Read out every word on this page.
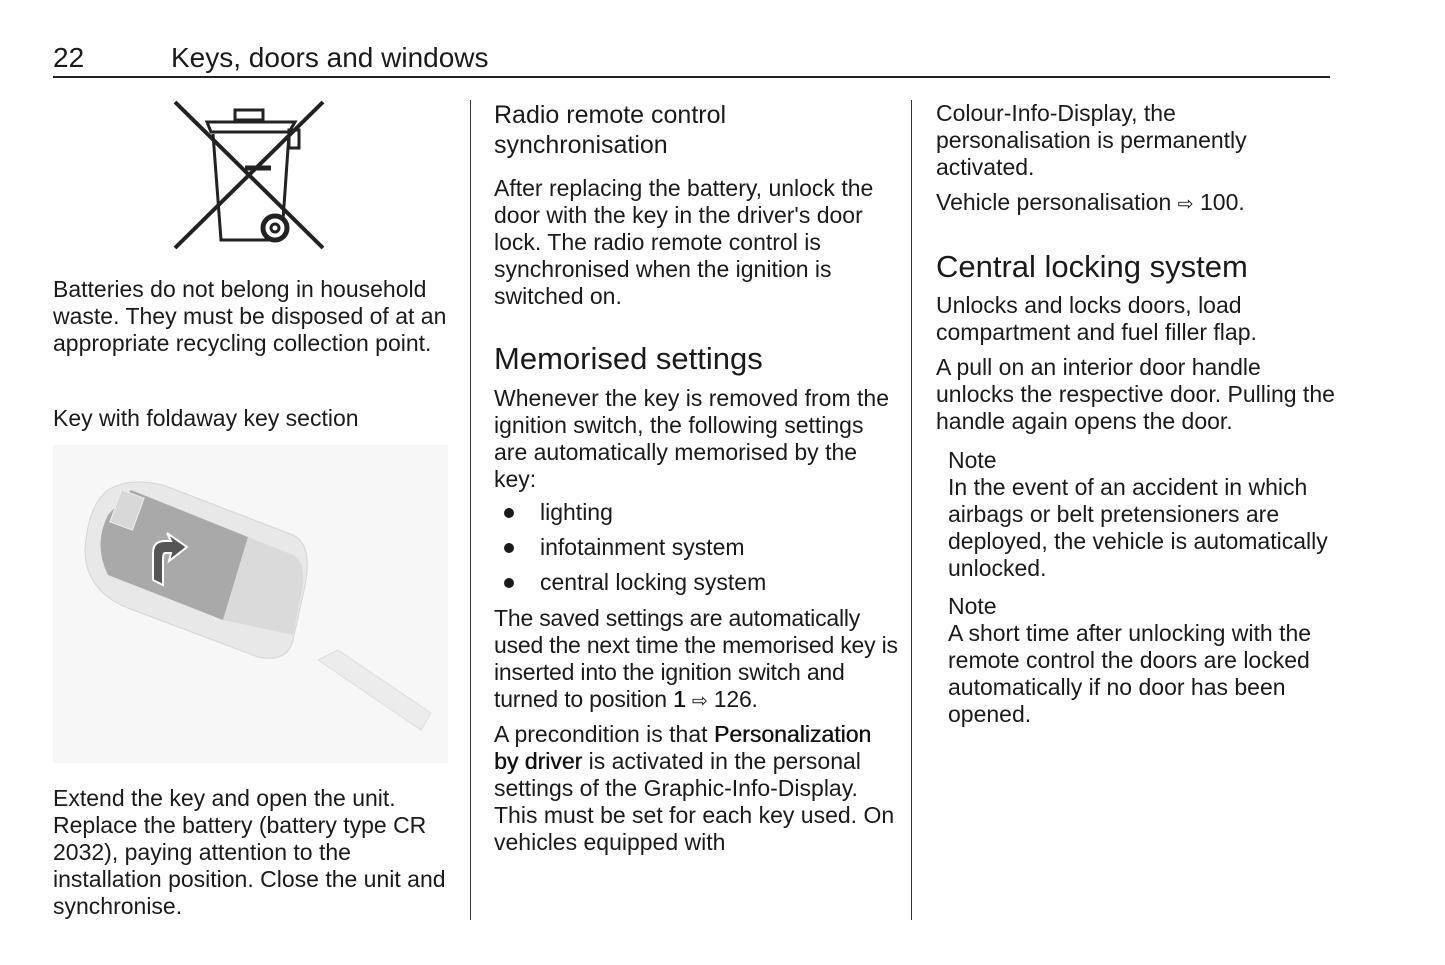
22	Keys, doors and windows

Batteries do not belong in household waste. They must be disposed of at an appropriate recycling collection point.

Key with foldaway key section

Extend the key and open the unit. Replace the battery (battery type CR 2032), paying attention to the installation position. Close the unit and synchronise.

Radio remote control synchronisation

After replacing the battery, unlock the door with the key in the driver's door lock. The radio remote control is synchronised when the ignition is switched on.

Memorised settings

Whenever the key is removed from the ignition switch, the following settings are automatically memorised by the key:

lighting
infotainment system
central locking system

The saved settings are automatically used the next time the memorised key is inserted into the ignition switch and turned to position 1 ⇨ 126.

A precondition is that Personalization by driver is activated in the personal settings of the Graphic-Info-Display. This must be set for each key used. On vehicles equipped with

Colour-Info-Display, the personalisation is permanently activated.

Vehicle personalisation ⇨ 100.

Central locking system

Unlocks and locks doors, load compartment and fuel filler flap.

A pull on an interior door handle unlocks the respective door. Pulling the handle again opens the door.

Note

In the event of an accident in which airbags or belt pretensioners are deployed, the vehicle is automatically unlocked.

Note

A short time after unlocking with the remote control the doors are locked automatically if no door has been opened.
